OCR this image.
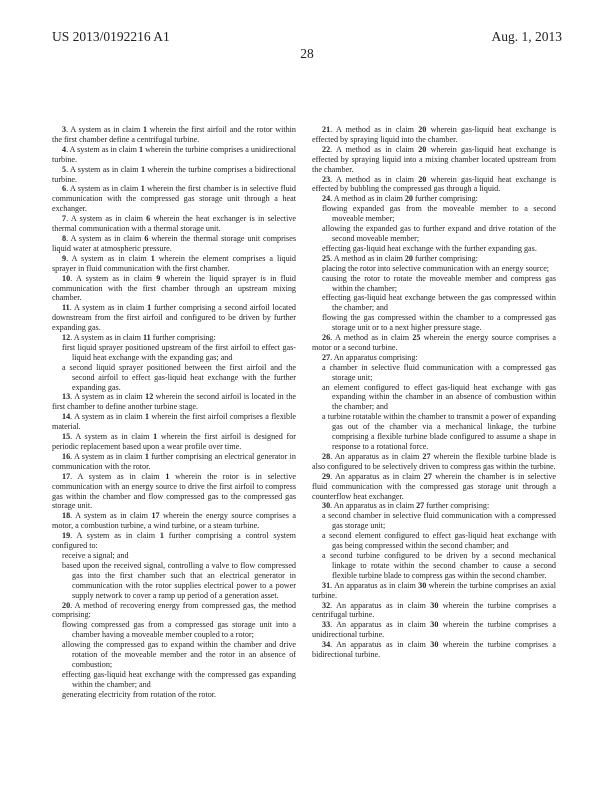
US 2013/0192216 A1	Aug. 1, 2013
28

3. A system as in claim 1 wherein the first airfoil and the rotor within the first chamber define a centrifugal turbine.

4. A system as in claim 1 wherein the turbine comprises a unidirectional turbine.

5. A system as in claim 1 wherein the turbine comprises a bidirectional turbine.

6. A system as in claim 1 wherein the first chamber is in selective fluid communication with the compressed gas storage unit through a heat exchanger.

7. A system as in claim 6 wherein the heat exchanger is in selective thermal communication with a thermal storage unit.

8. A system as in claim 6 wherein the thermal storage unit comprises liquid water at atmospheric pressure.

9. A system as in claim 1 wherein the element comprises a liquid sprayer in fluid communication with the first chamber.

10. A system as in claim 9 wherein the liquid sprayer is in fluid communication with the first chamber through an upstream mixing chamber.

11. A system as in claim 1 further comprising a second airfoil located downstream from the first airfoil and configured to be driven by further expanding gas.

12. A system as in claim 11 further comprising:

first liquid sprayer positioned upstream of the first airfoil to effect gas-liquid heat exchange with the expanding gas; and

a second liquid sprayer positioned between the first airfoil and the second airfoil to effect gas-liquid heat exchange with the further expanding gas.

13. A system as in claim 12 wherein the second airfoil is located in the first chamber to define another turbine stage.

14. A system as in claim 1 wherein the first airfoil comprises a flexible material.

15. A system as in claim 1 wherein the first airfoil is designed for periodic replacement based upon a wear profile over time.

16. A system as in claim 1 further comprising an electrical generator in communication with the rotor.

17. A system as in claim 1 wherein the rotor is in selective communication with an energy source to drive the first airfoil to compress gas within the chamber and flow compressed gas to the compressed gas storage unit.

18. A system as in claim 17 wherein the energy source comprises a motor, a combustion turbine, a wind turbine, or a steam turbine.

19. A system as in claim 1 further comprising a control system configured to:

receive a signal; and

based upon the received signal, controlling a valve to flow compressed gas into the first chamber such that an electrical generator in communication with the rotor supplies electrical power to a power supply network to cover a ramp up period of a generation asset.

20. A method of recovering energy from compressed gas, the method comprising:

flowing compressed gas from a compressed gas storage unit into a chamber having a moveable member coupled to a rotor;

allowing the compressed gas to expand within the chamber and drive rotation of the moveable member and the rotor in an absence of combustion;

effecting gas-liquid heat exchange with the compressed gas expanding within the chamber; and

generating electricity from rotation of the rotor.

21. A method as in claim 20 wherein gas-liquid heat exchange is effected by spraying liquid into the chamber.

22. A method as in claim 20 wherein gas-liquid heat exchange is effected by spraying liquid into a mixing chamber located upstream from the chamber.

23. A method as in claim 20 wherein gas-liquid heat exchange is effected by bubbling the compressed gas through a liquid.

24. A method as in claim 20 further comprising:

flowing expanded gas from the moveable member to a second moveable member;

allowing the expanded gas to further expand and drive rotation of the second moveable member;

effecting gas-liquid heat exchange with the further expanding gas.

25. A method as in claim 20 further comprising:

placing the rotor into selective communication with an energy source;

causing the rotor to rotate the moveable member and compress gas within the chamber;

effecting gas-liquid heat exchange between the gas compressed within the chamber; and

flowing the gas compressed within the chamber to a compressed gas storage unit or to a next higher pressure stage.

26. A method as in claim 25 wherein the energy source comprises a motor or a second turbine.

27. An apparatus comprising:

a chamber in selective fluid communication with a compressed gas storage unit;

an element configured to effect gas-liquid heat exchange with gas expanding within the chamber in an absence of combustion within the chamber; and

a turbine rotatable within the chamber to transmit a power of expanding gas out of the chamber via a mechanical linkage, the turbine comprising a flexible turbine blade configured to assume a shape in response to a rotational force.

28. An apparatus as in claim 27 wherein the flexible turbine blade is also configured to be selectively driven to compress gas within the turbine.

29. An apparatus as in claim 27 wherein the chamber is in selective fluid communication with the compressed gas storage unit through a counterflow heat exchanger.

30. An apparatus as in claim 27 further comprising:

a second chamber in selective fluid communication with a compressed gas storage unit;

a second element configured to effect gas-liquid heat exchange with gas being compressed within the second chamber; and

a second turbine configured to be driven by a second mechanical linkage to rotate within the second chamber to cause a second flexible turbine blade to compress gas within the second chamber.

31. An apparatus as in claim 30 wherein the turbine comprises an axial turbine.

32. An apparatus as in claim 30 wherein the turbine comprises a centrifugal turbine.

33. An apparatus as in claim 30 wherein the turbine comprises a unidirectional turbine.

34. An apparatus as in claim 30 wherein the turbine comprises a bidirectional turbine.
